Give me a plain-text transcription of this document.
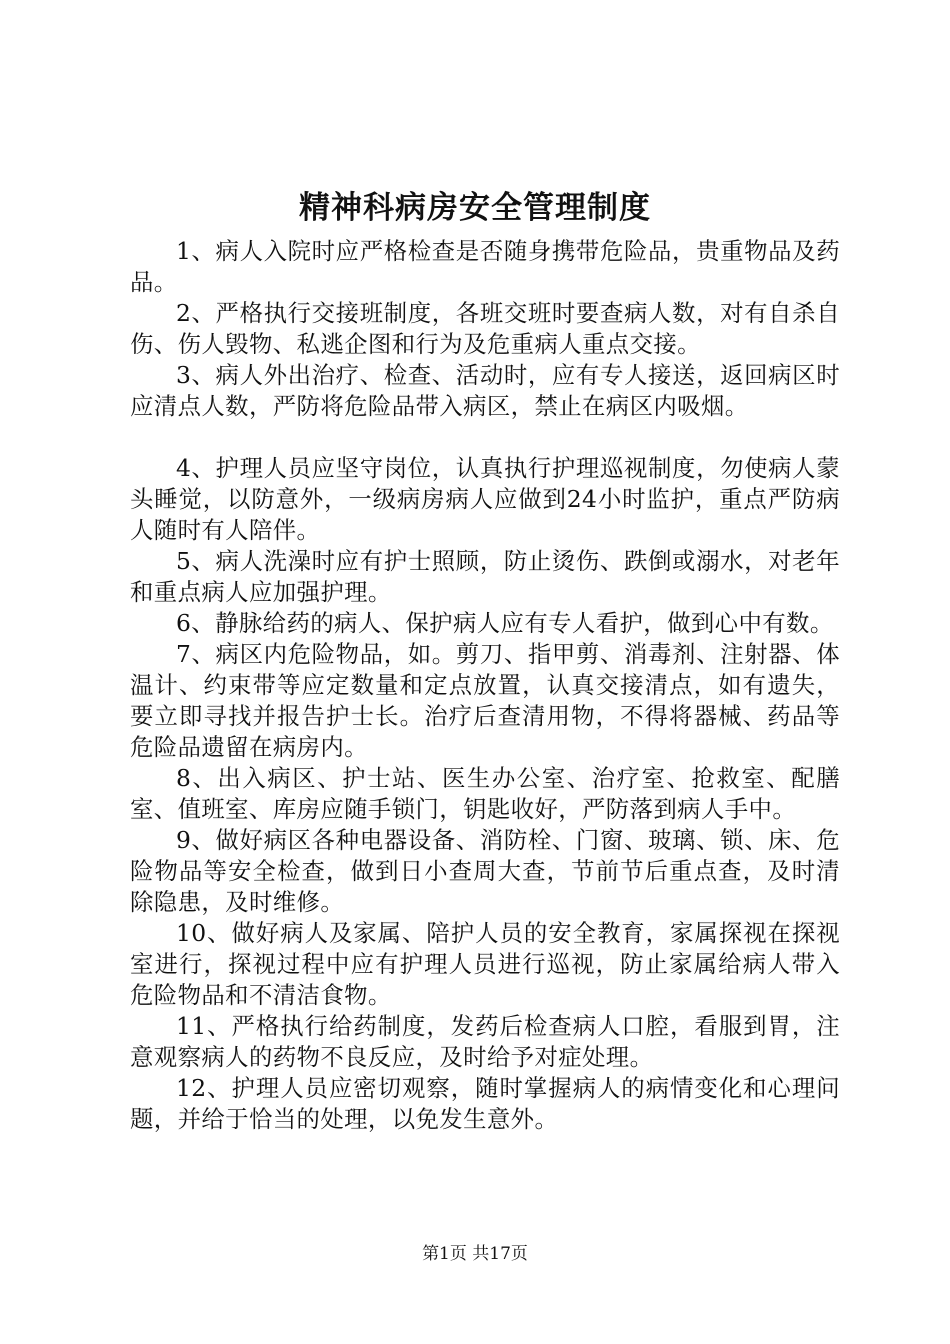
精神科病房安全管理制度

1、病人入院时应严格检查是否随身携带危险品，贵重物品及药品。

2、严格执行交接班制度，各班交班时要查病人数，对有自杀自伤、伤人毁物、私逃企图和行为及危重病人重点交接。

3、病人外出治疗、检查、活动时，应有专人接送，返回病区时应清点人数，严防将危险品带入病区，禁止在病区内吸烟。

4、护理人员应坚守岗位，认真执行护理巡视制度，勿使病人蒙头睡觉，以防意外，一级病房病人应做到24小时监护，重点严防病人随时有人陪伴。

5、病人洗澡时应有护士照顾，防止烫伤、跌倒或溺水，对老年和重点病人应加强护理。

6、静脉给药的病人、保护病人应有专人看护，做到心中有数。

7、病区内危险物品，如。剪刀、指甲剪、消毒剂、注射器、体温计、约束带等应定数量和定点放置，认真交接清点，如有遗失，要立即寻找并报告护士长。治疗后查清用物，不得将器械、药品等危险品遗留在病房内。

8、出入病区、护士站、医生办公室、治疗室、抢救室、配膳室、值班室、库房应随手锁门，钥匙收好，严防落到病人手中。

9、做好病区各种电器设备、消防栓、门窗、玻璃、锁、床、危险物品等安全检查，做到日小查周大查，节前节后重点查，及时清除隐患，及时维修。

10、做好病人及家属、陪护人员的安全教育，家属探视在探视室进行，探视过程中应有护理人员进行巡视，防止家属给病人带入危险物品和不清洁食物。

11、严格执行给药制度，发药后检查病人口腔，看服到胃，注意观察病人的药物不良反应，及时给予对症处理。

12、护理人员应密切观察，随时掌握病人的病情变化和心理问题，并给于恰当的处理，以免发生意外。

第1页 共17页
